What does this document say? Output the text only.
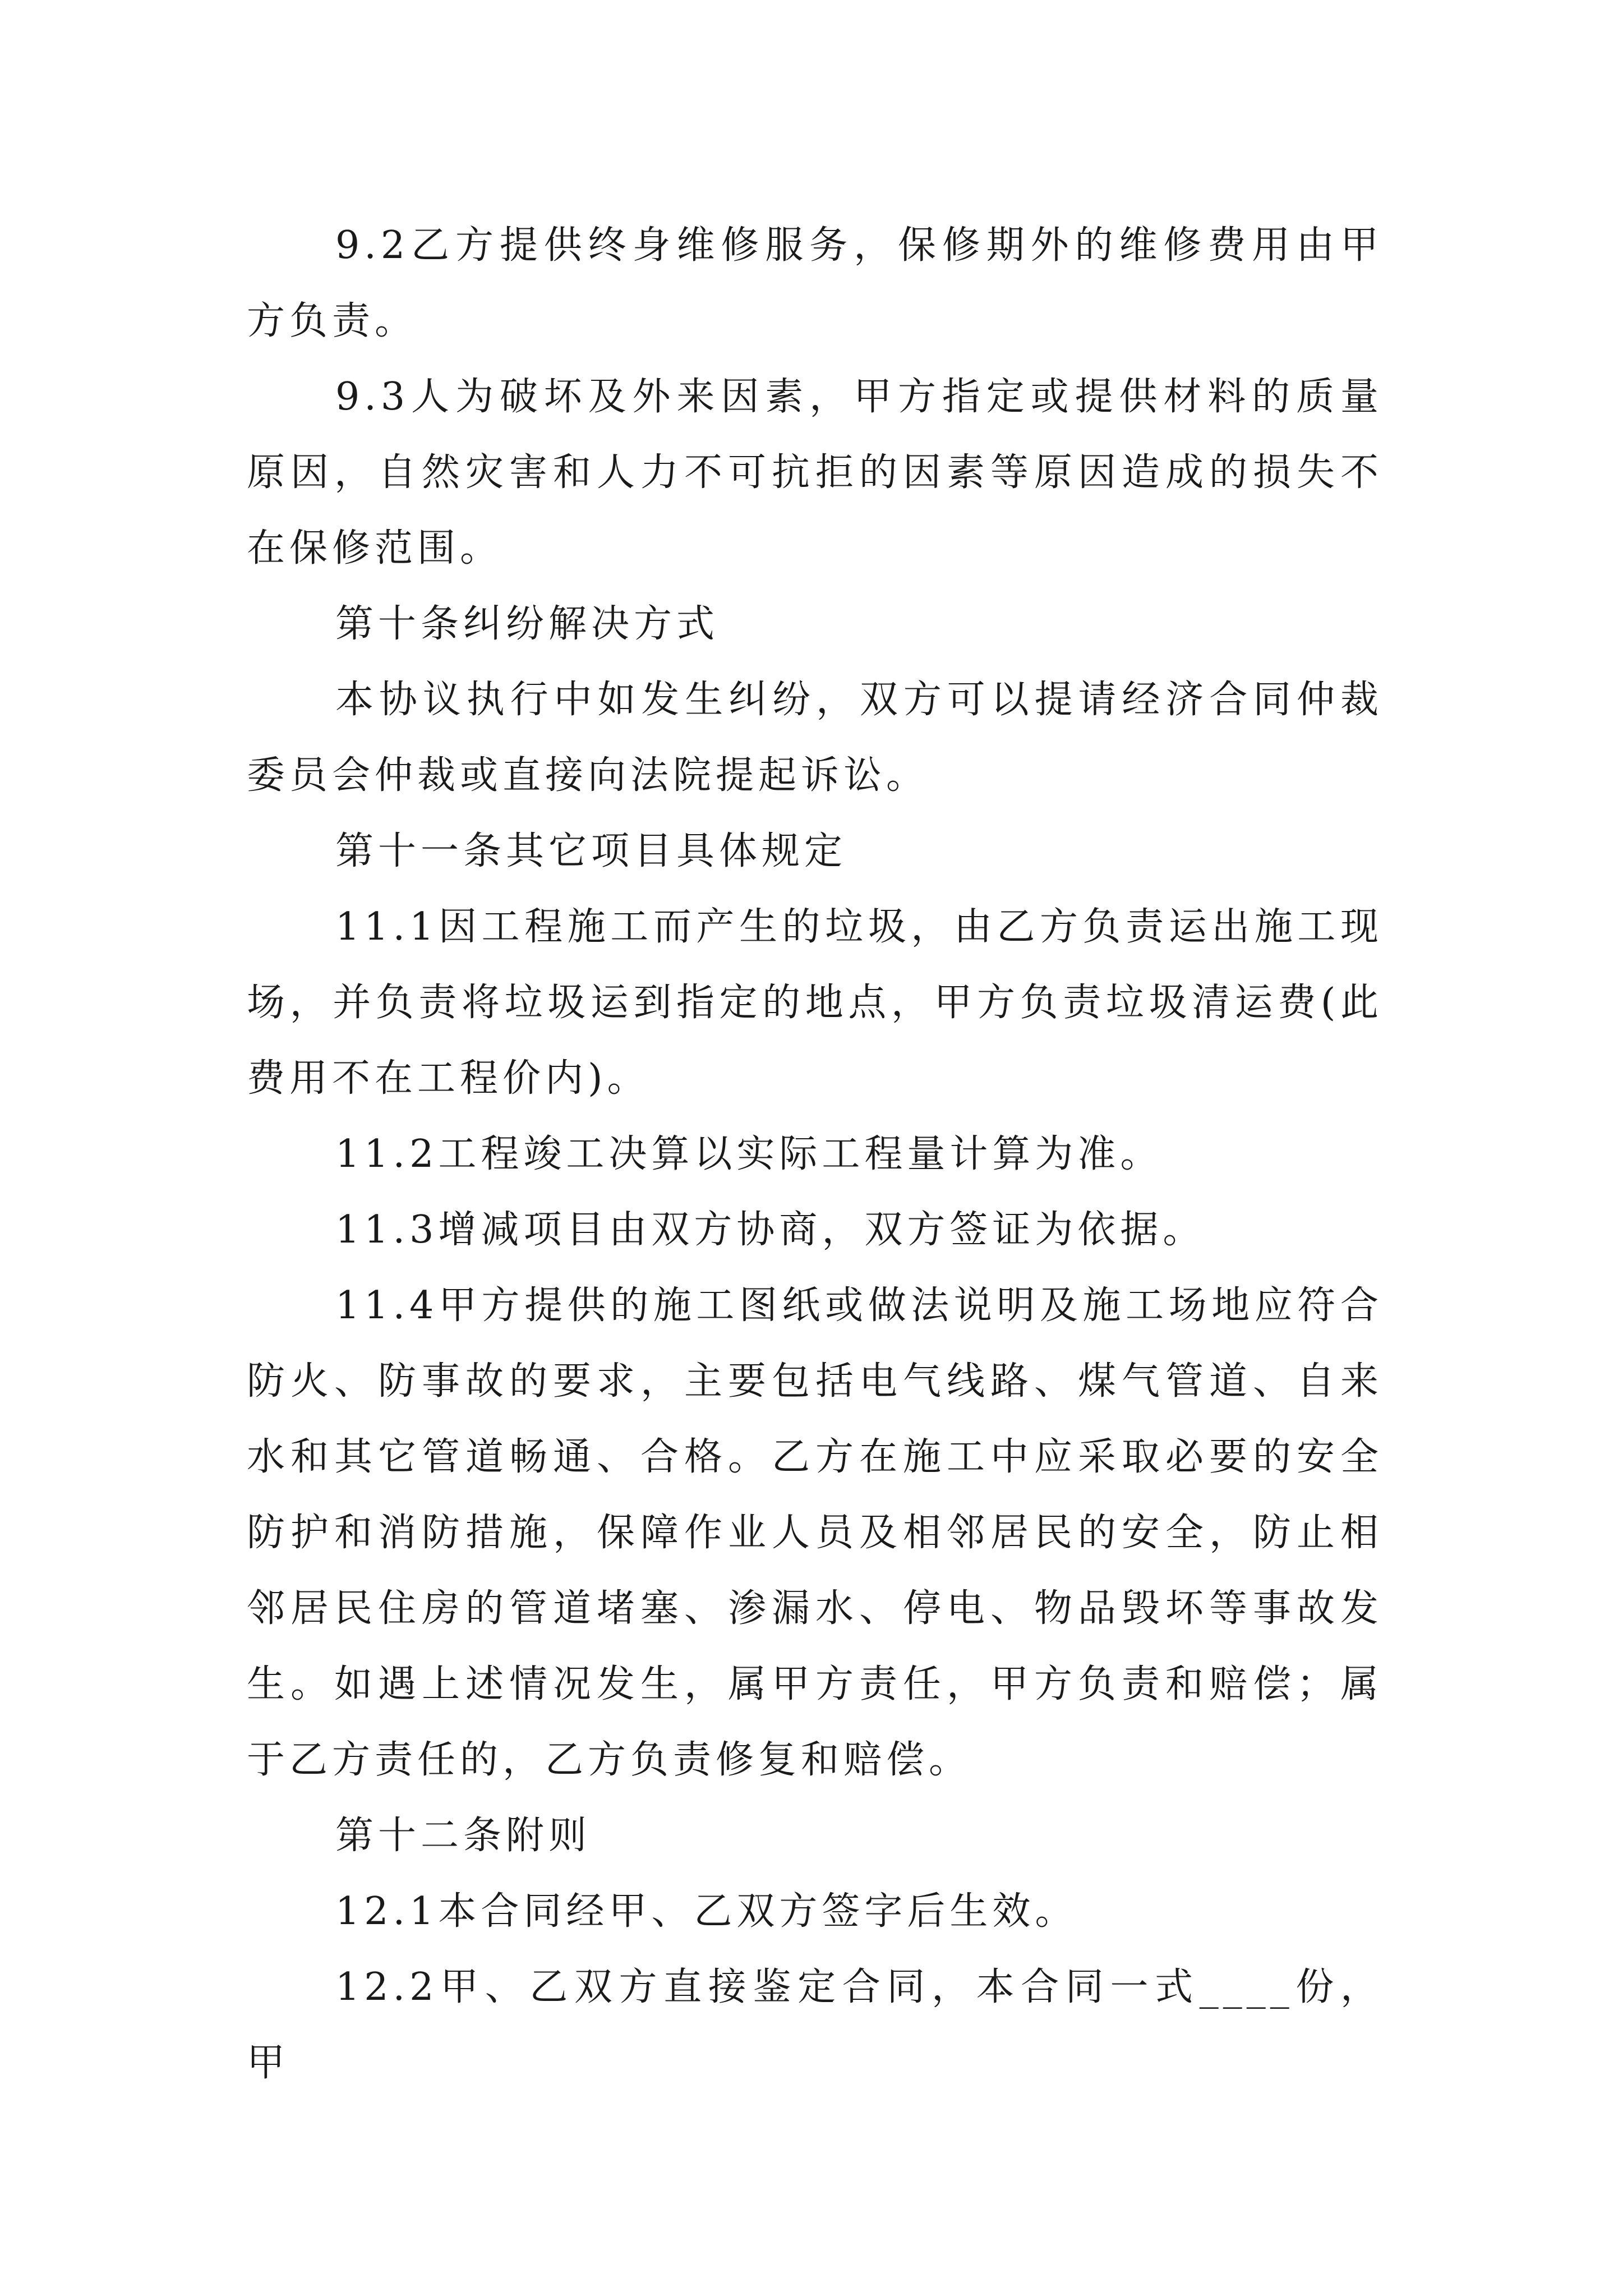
9.2乙方提供终身维修服务，保修期外的维修费用由甲方负责。

9.3人为破坏及外来因素，甲方指定或提供材料的质量原因，自然灾害和人力不可抗拒的因素等原因造成的损失不在保修范围。

第十条纠纷解决方式

本协议执行中如发生纠纷，双方可以提请经济合同仲裁委员会仲裁或直接向法院提起诉讼。

第十一条其它项目具体规定

11.1因工程施工而产生的垃圾，由乙方负责运出施工现场，并负责将垃圾运到指定的地点，甲方负责垃圾清运费(此费用不在工程价内)。

11.2工程竣工决算以实际工程量计算为准。

11.3增减项目由双方协商，双方签证为依据。

11.4甲方提供的施工图纸或做法说明及施工场地应符合防火、防事故的要求，主要包括电气线路、煤气管道、自来水和其它管道畅通、合格。乙方在施工中应采取必要的安全防护和消防措施，保障作业人员及相邻居民的安全，防止相邻居民住房的管道堵塞、渗漏水、停电、物品毁坏等事故发生。如遇上述情况发生，属甲方责任，甲方负责和赔偿；属于乙方责任的，乙方负责修复和赔偿。

第十二条附则

12.1本合同经甲、乙双方签字后生效。

12.2甲、乙双方直接鉴定合同，本合同一式____份，甲
